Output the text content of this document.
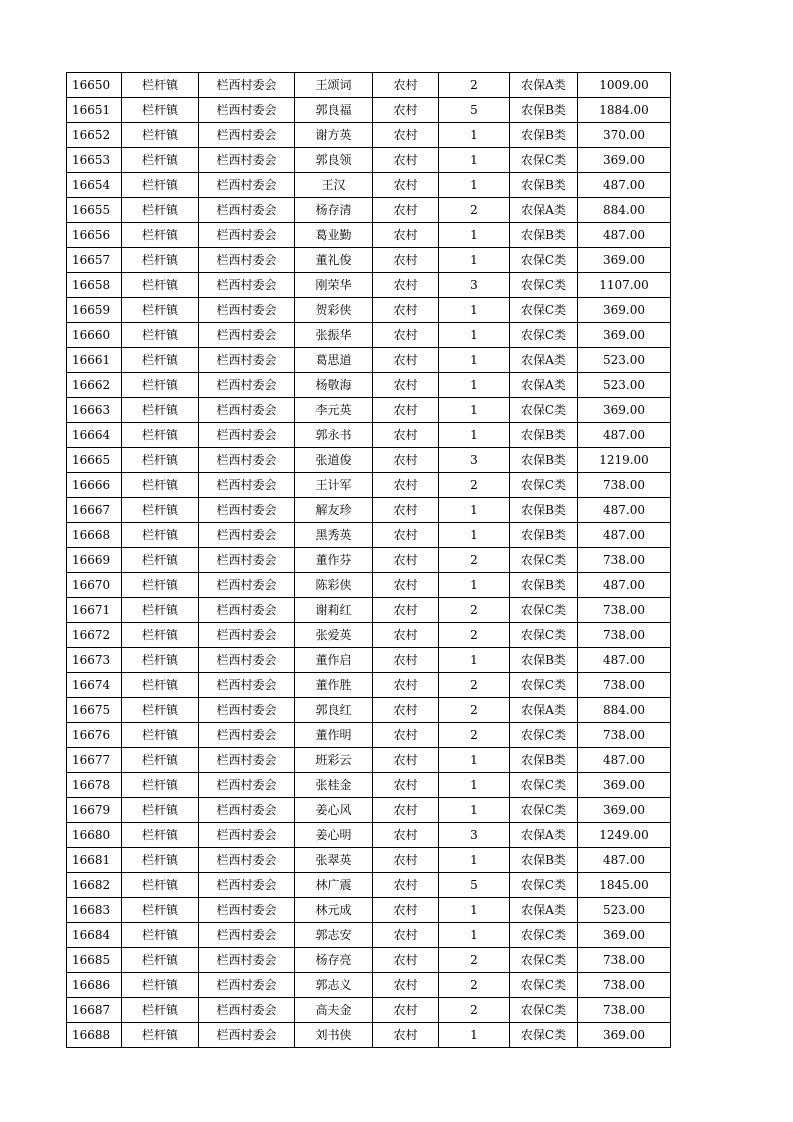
16650	栏杆镇	栏西村委会	王颂词	农村	2	农保A类	1009.00
16651	栏杆镇	栏西村委会	郭良福	农村	5	农保B类	1884.00
16652	栏杆镇	栏西村委会	谢方英	农村	1	农保B类	370.00
16653	栏杆镇	栏西村委会	郭良领	农村	1	农保C类	369.00
16654	栏杆镇	栏西村委会	王汉	农村	1	农保B类	487.00
16655	栏杆镇	栏西村委会	杨存清	农村	2	农保A类	884.00
16656	栏杆镇	栏西村委会	葛业勤	农村	1	农保B类	487.00
16657	栏杆镇	栏西村委会	董礼俊	农村	1	农保C类	369.00
16658	栏杆镇	栏西村委会	刚荣华	农村	3	农保C类	1107.00
16659	栏杆镇	栏西村委会	贺彩侠	农村	1	农保C类	369.00
16660	栏杆镇	栏西村委会	张振华	农村	1	农保C类	369.00
16661	栏杆镇	栏西村委会	葛思道	农村	1	农保A类	523.00
16662	栏杆镇	栏西村委会	杨敬海	农村	1	农保A类	523.00
16663	栏杆镇	栏西村委会	李元英	农村	1	农保C类	369.00
16664	栏杆镇	栏西村委会	郭永书	农村	1	农保B类	487.00
16665	栏杆镇	栏西村委会	张道俊	农村	3	农保B类	1219.00
16666	栏杆镇	栏西村委会	王计军	农村	2	农保C类	738.00
16667	栏杆镇	栏西村委会	解友珍	农村	1	农保B类	487.00
16668	栏杆镇	栏西村委会	黑秀英	农村	1	农保B类	487.00
16669	栏杆镇	栏西村委会	董作芬	农村	2	农保C类	738.00
16670	栏杆镇	栏西村委会	陈彩侠	农村	1	农保B类	487.00
16671	栏杆镇	栏西村委会	谢莉红	农村	2	农保C类	738.00
16672	栏杆镇	栏西村委会	张爱英	农村	2	农保C类	738.00
16673	栏杆镇	栏西村委会	董作启	农村	1	农保B类	487.00
16674	栏杆镇	栏西村委会	董作胜	农村	2	农保C类	738.00
16675	栏杆镇	栏西村委会	郭良红	农村	2	农保A类	884.00
16676	栏杆镇	栏西村委会	董作明	农村	2	农保C类	738.00
16677	栏杆镇	栏西村委会	班彩云	农村	1	农保B类	487.00
16678	栏杆镇	栏西村委会	张桂金	农村	1	农保C类	369.00
16679	栏杆镇	栏西村委会	姜心风	农村	1	农保C类	369.00
16680	栏杆镇	栏西村委会	姜心明	农村	3	农保A类	1249.00
16681	栏杆镇	栏西村委会	张翠英	农村	1	农保B类	487.00
16682	栏杆镇	栏西村委会	林广震	农村	5	农保C类	1845.00
16683	栏杆镇	栏西村委会	林元成	农村	1	农保A类	523.00
16684	栏杆镇	栏西村委会	郭志安	农村	1	农保C类	369.00
16685	栏杆镇	栏西村委会	杨存亮	农村	2	农保C类	738.00
16686	栏杆镇	栏西村委会	郭志义	农村	2	农保C类	738.00
16687	栏杆镇	栏西村委会	高夫金	农村	2	农保C类	738.00
16688	栏杆镇	栏西村委会	刘书侠	农村	1	农保C类	369.00
